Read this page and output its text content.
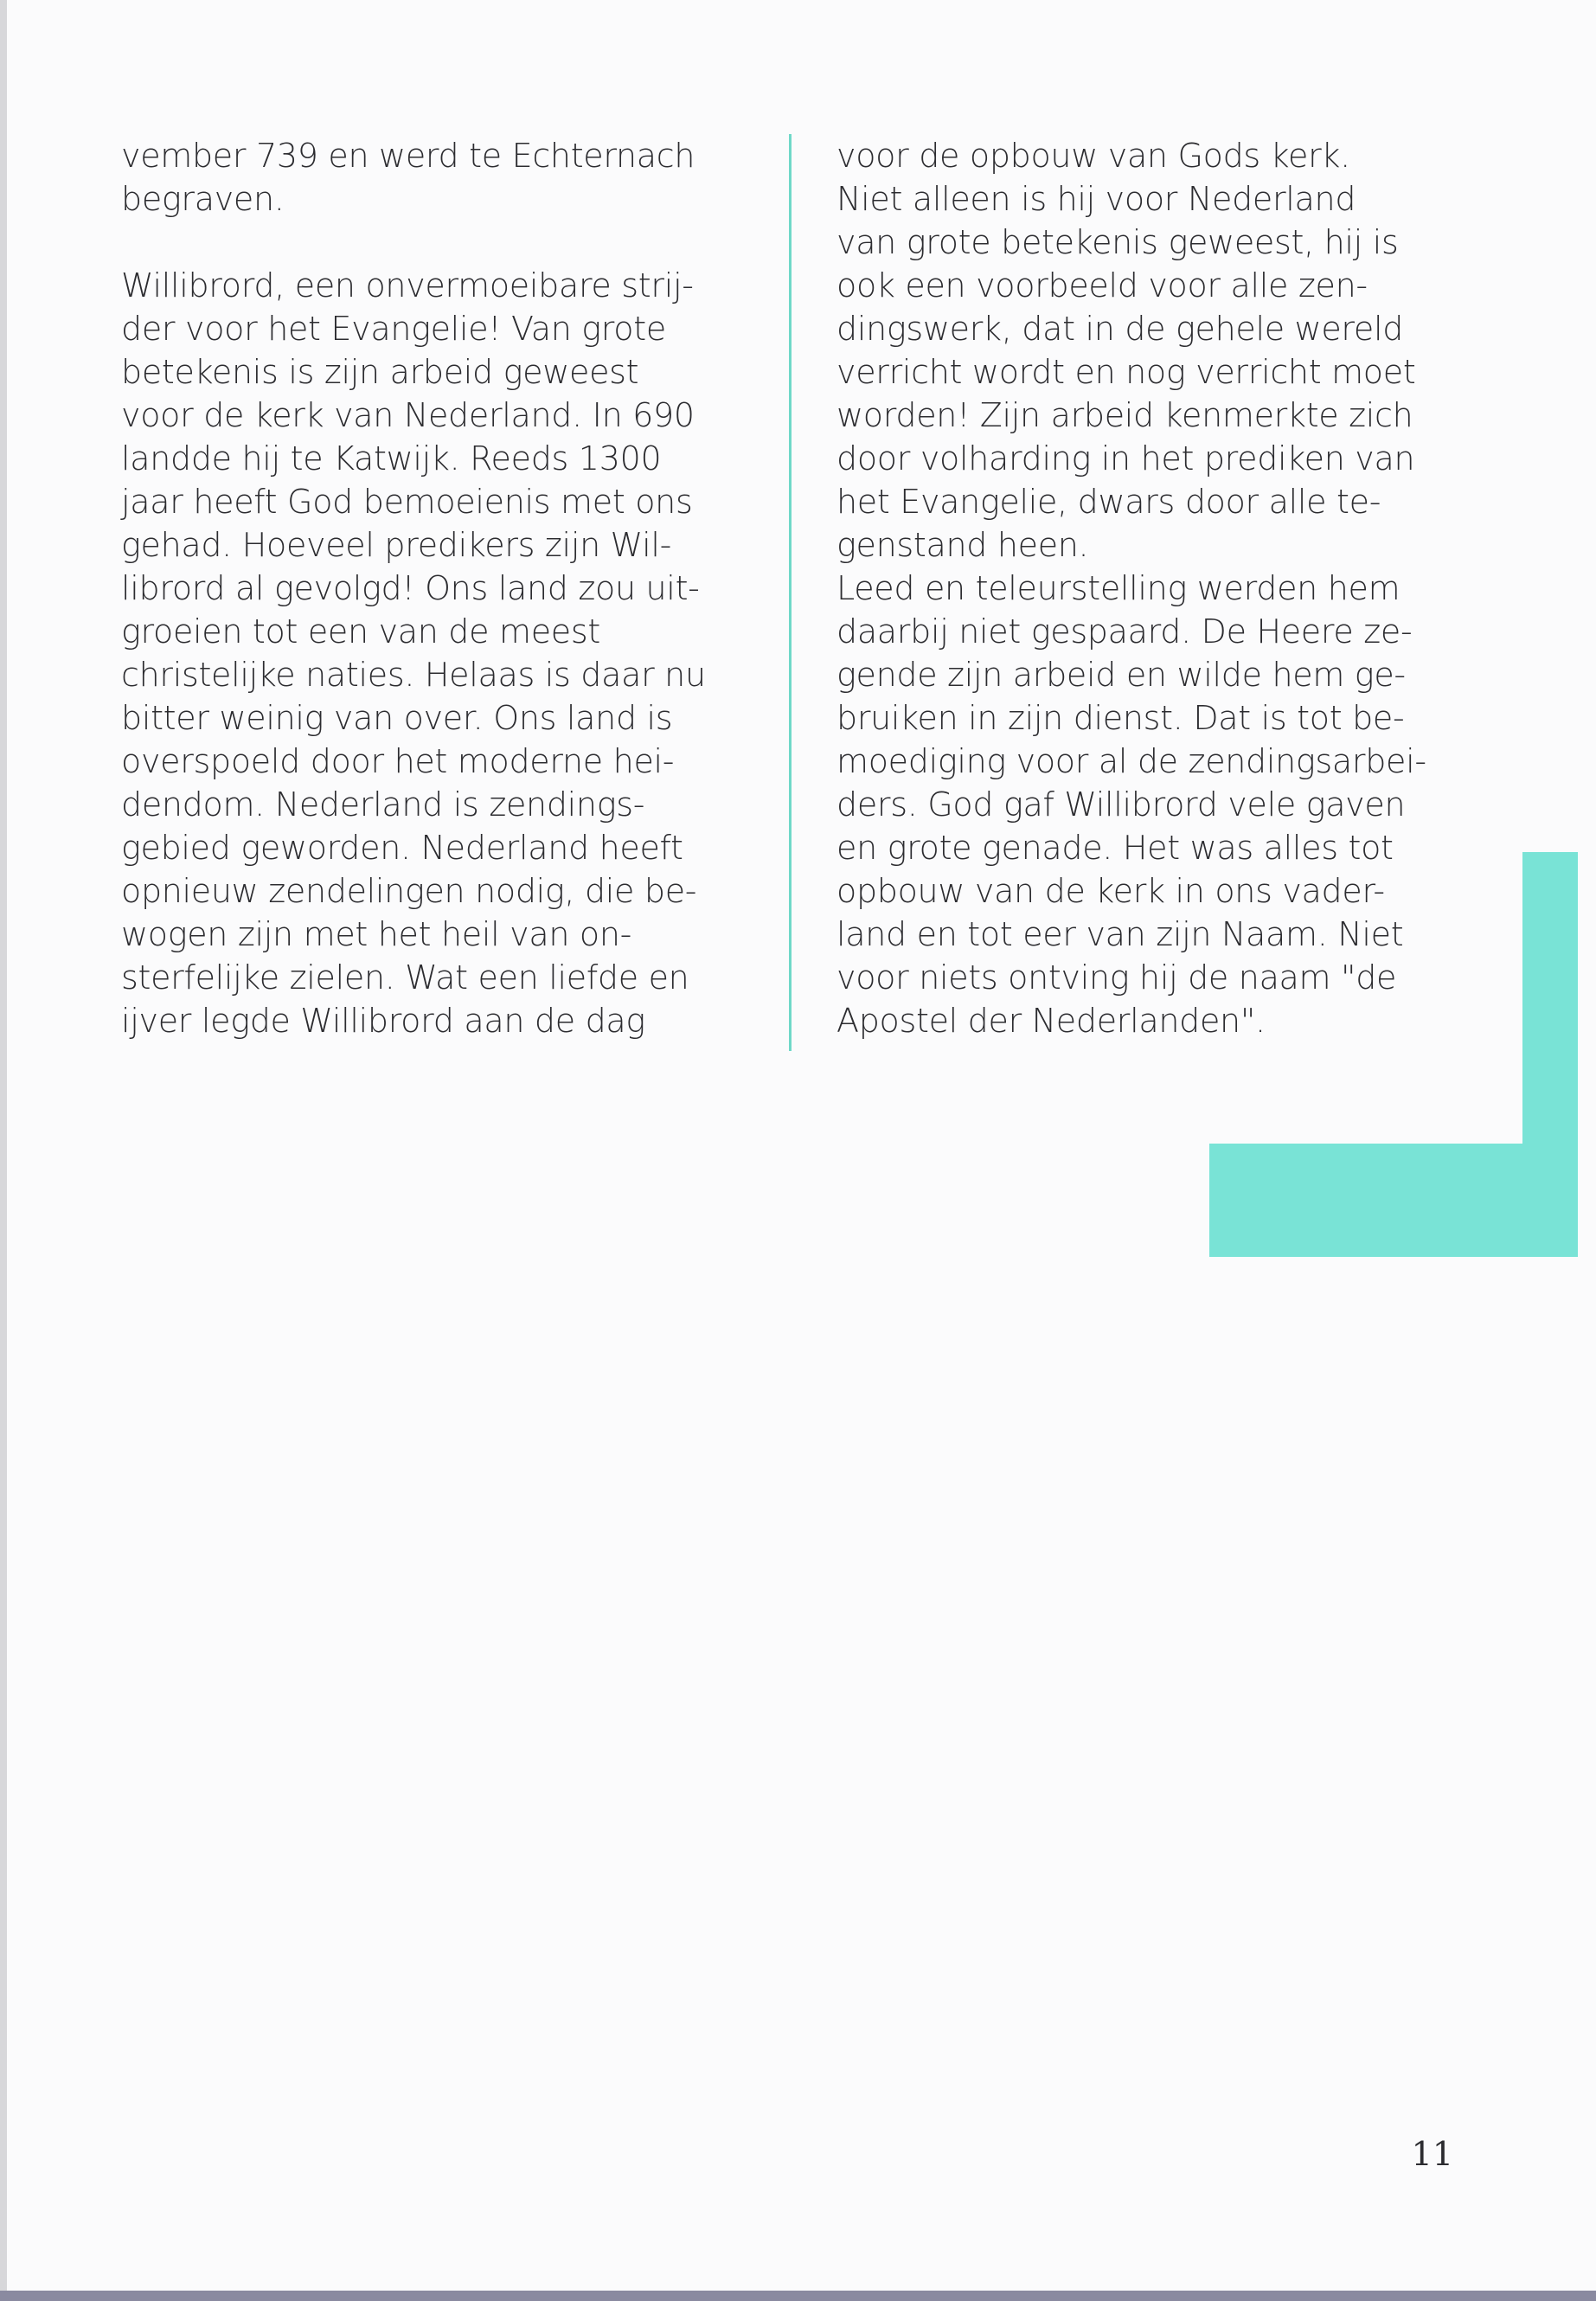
vember 739 en werd te Echternach
begraven.

Willibrord, een onvermoeibare strij-
der voor het Evangelie! Van grote
betekenis is zijn arbeid geweest
voor de kerk van Nederland. In 690
landde hij te Katwijk. Reeds 1300
jaar heeft God bemoeienis met ons
gehad. Hoeveel predikers zijn Wil-
librord al gevolgd! Ons land zou uit-
groeien tot een van de meest
christelijke naties. Helaas is daar nu
bitter weinig van over. Ons land is
overspoeld door het moderne hei-
dendom. Nederland is zendings-
gebied geworden. Nederland heeft
opnieuw zendelingen nodig, die be-
wogen zijn met het heil van on-
sterfelijke zielen. Wat een liefde en
ijver legde Willibrord aan de dag

voor de opbouw van Gods kerk.
Niet alleen is hij voor Nederland
van grote betekenis geweest, hij is
ook een voorbeeld voor alle zen-
dingswerk, dat in de gehele wereld
verricht wordt en nog verricht moet
worden! Zijn arbeid kenmerkte zich
door volharding in het prediken van
het Evangelie, dwars door alle te-
genstand heen.
Leed en teleurstelling werden hem
daarbij niet gespaard. De Heere ze-
gende zijn arbeid en wilde hem ge-
bruiken in zijn dienst. Dat is tot be-
moediging voor al de zendingsarbei-
ders. God gaf Willibrord vele gaven
en grote genade. Het was alles tot
opbouw van de kerk in ons vader-
land en tot eer van zijn Naam. Niet
voor niets ontving hij de naam "de
Apostel der Nederlanden".

11
